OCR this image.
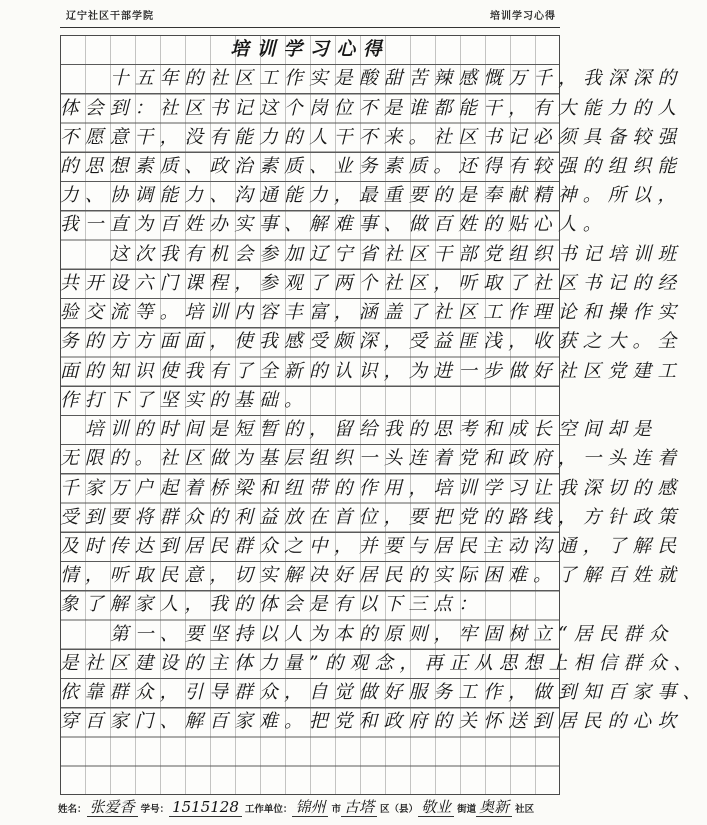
辽宁社区干部学院	培训学习心得
培训学习心得
十五年的社区工作实是酸甜苦辣感慨万千，我深深的
体会到：社区书记这个岗位不是谁都能干，有大能力的人
不愿意干，没有能力的人干不来。社区书记必须具备较强
的思想素质、政治素质、业务素质。还得有较强的组织能
力、协调能力、沟通能力，最重要的是奉献精神。所以，
我一直为百姓办实事、解难事、做百姓的贴心人。
这次我有机会参加辽宁省社区干部党组织书记培训班
共开设六门课程，参观了两个社区，听取了社区书记的经
验交流等。培训内容丰富，涵盖了社区工作理论和操作实
务的方方面面，使我感受颇深，受益匪浅，收获之大。全
面的知识使我有了全新的认识，为进一步做好社区党建工
作打下了坚实的基础。
培训的时间是短暂的，留给我的思考和成长空间却是
无限的。社区做为基层组织一头连着党和政府，一头连着
千家万户起着桥梁和纽带的作用，培训学习让我深切的感
受到要将群众的利益放在首位，要把党的路线，方针政策
及时传达到居民群众之中，并要与居民主动沟通，了解民
情，听取民意，切实解决好居民的实际困难。了解百姓就
象了解家人，我的体会是有以下三点：
第一、要坚持以人为本的原则，牢固树立“居民群众
是社区建设的主体力量”的观念，再正从思想上相信群众、
依靠群众，引导群众，自觉做好服务工作，做到知百家事、
穿百家门、解百家难。把党和政府的关怀送到居民的心坎
姓名： 张爱香 学号： 1515128 工作单位： 锦州 市 古塔 区（县） 敬业 街道 奥新 社区
